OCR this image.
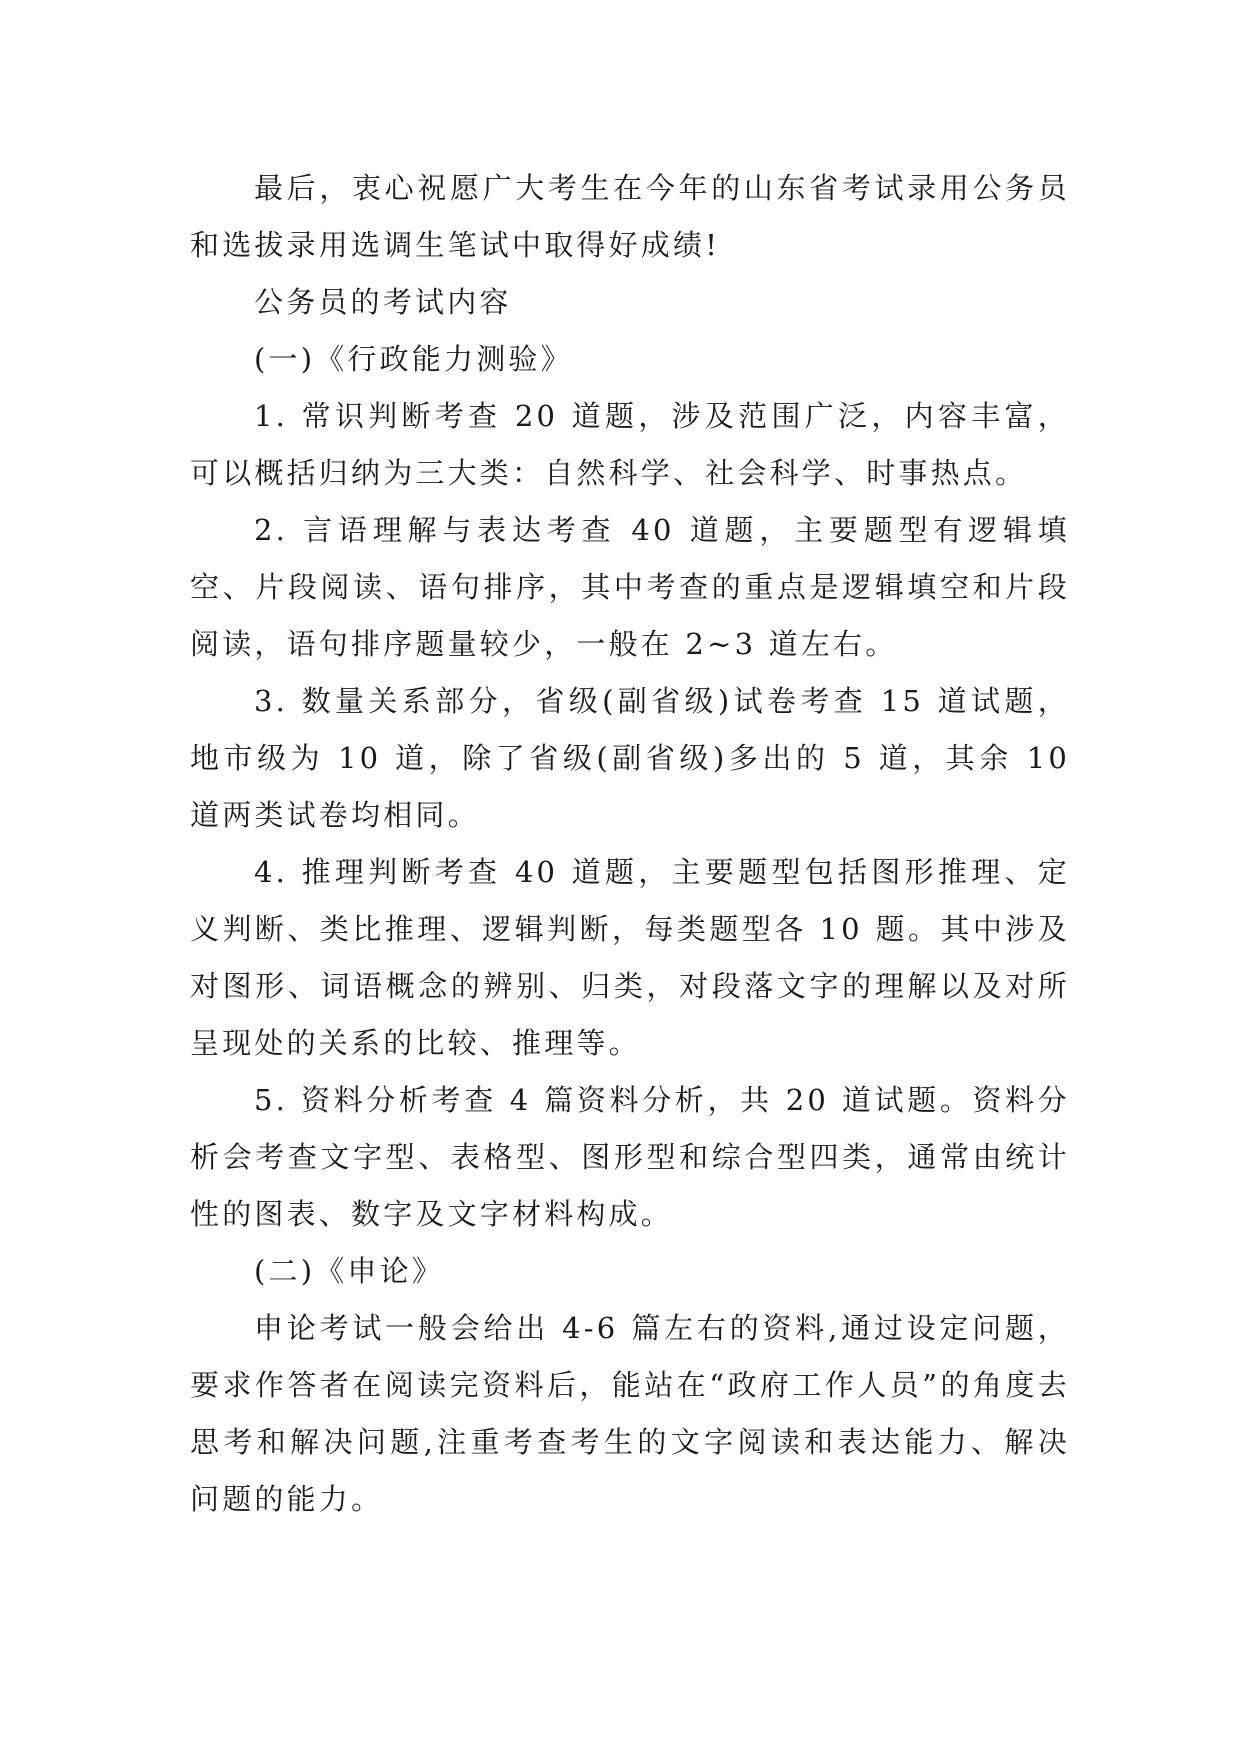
最后，衷心祝愿广大考生在今年的山东省考试录用公务员和选拔录用选调生笔试中取得好成绩!

公务员的考试内容

(一)《行政能力测验》

1. 常识判断考查 20 道题，涉及范围广泛，内容丰富，可以概括归纳为三大类：自然科学、社会科学、时事热点。

2. 言语理解与表达考查 40 道题，主要题型有逻辑填空、片段阅读、语句排序，其中考查的重点是逻辑填空和片段阅读，语句排序题量较少，一般在 2~3 道左右。

3. 数量关系部分，省级(副省级)试卷考查 15 道试题，地市级为 10 道，除了省级(副省级)多出的 5 道，其余 10 道两类试卷均相同。

4. 推理判断考查 40 道题，主要题型包括图形推理、定义判断、类比推理、逻辑判断，每类题型各 10 题。其中涉及对图形、词语概念的辨别、归类，对段落文字的理解以及对所呈现处的关系的比较、推理等。

5. 资料分析考查 4 篇资料分析，共 20 道试题。资料分析会考查文字型、表格型、图形型和综合型四类，通常由统计性的图表、数字及文字材料构成。

(二)《申论》

申论考试一般会给出 4-6 篇左右的资料,通过设定问题，要求作答者在阅读完资料后，能站在“政府工作人员”的角度去思考和解决问题,注重考查考生的文字阅读和表达能力、解决问题的能力。
